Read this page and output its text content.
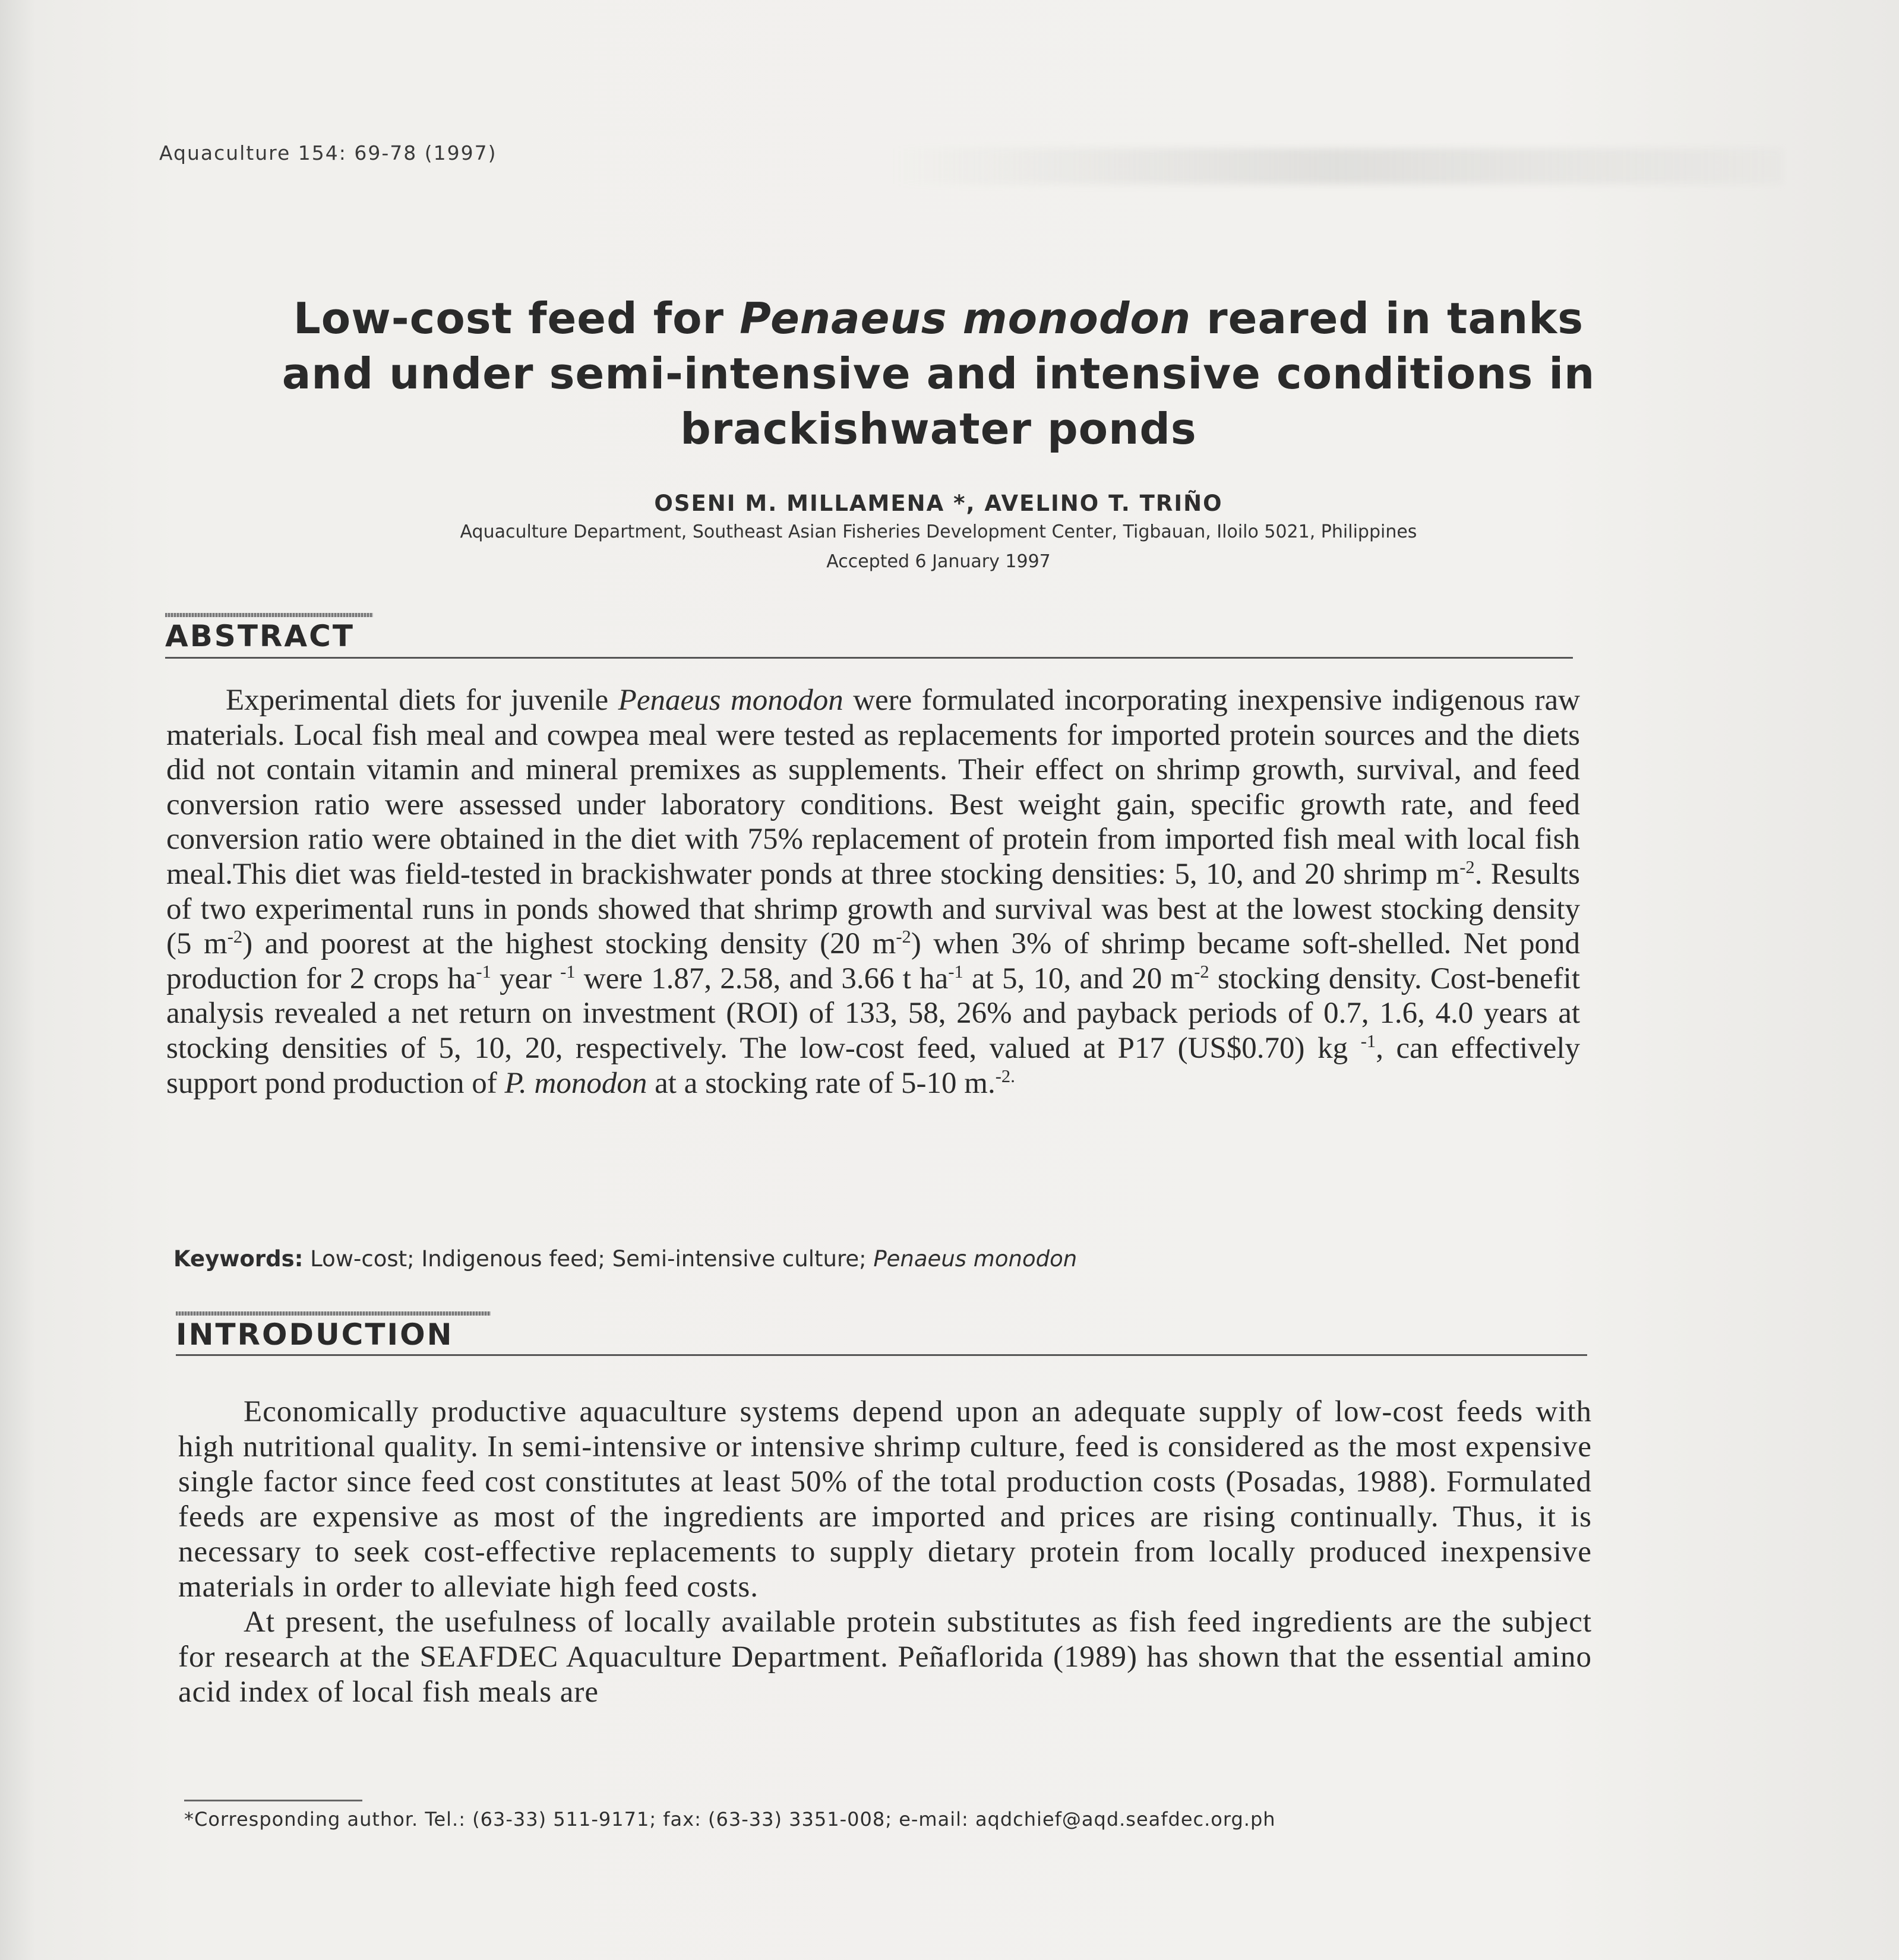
Aquaculture 154: 69-78 (1997)
Low-cost feed for Penaeus monodon reared in tanks
and under semi-intensive and intensive conditions in
brackishwater ponds
OSENI M. MILLAMENA *, AVELINO T. TRIÑO
Aquaculture Department, Southeast Asian Fisheries Development Center, Tigbauan, Iloilo 5021, Philippines
Accepted 6 January 1997
ABSTRACT

Experimental diets for juvenile Penaeus monodon were formulated incorporating inexpensive indigenous raw materials. Local fish meal and cowpea meal were tested as replacements for imported protein sources and the diets did not contain vitamin and mineral premixes as supplements. Their effect on shrimp growth, survival, and feed conversion ratio were assessed under laboratory conditions. Best weight gain, specific growth rate, and feed conversion ratio were obtained in the diet with 75% replacement of protein from imported fish meal with local fish meal.This diet was field-tested in brackishwater ponds at three stocking densities: 5, 10, and 20 shrimp $m^{-2}$. Results of two experimental runs in ponds showed that shrimp growth and survival was best at the lowest stocking density (5 $m^{-2}$) and poorest at the highest stocking density (20 $m^{-2}$) when 3% of shrimp became soft-shelled. Net pond production for 2 crops $ha^{-1}$ year $^{-1}$ were 1.87, 2.58, and 3.66 t $ha^{-1}$ at 5, 10, and 20 $m^{-2}$ stocking density. Cost-benefit analysis revealed a net return on investment (ROI) of 133, 58, 26% and payback periods of 0.7, 1.6, 4.0 years at stocking densities of 5, 10, 20, respectively. The low-cost feed, valued at P17 (US$0.70) kg $^{-1}$, can effectively support pond production of P. monodon at a stocking rate of 5-10 m.$^{-2.}$

Keywords: Low-cost; Indigenous feed; Semi-intensive culture; Penaeus monodon
INTRODUCTION

Economically productive aquaculture systems depend upon an adequate supply of low-cost feeds with high nutritional quality. In semi-intensive or intensive shrimp culture, feed is considered as the most expensive single factor since feed cost constitutes at least 50% of the total production costs (Posadas, 1988). Formulated feeds are expensive as most of the ingredients are imported and prices are rising continually. Thus, it is necessary to seek cost-effective replacements to supply dietary protein from locally produced inexpensive materials in order to alleviate high feed costs.

At present, the usefulness of locally available protein substitutes as fish feed ingredients are the subject for research at the SEAFDEC Aquaculture Department. Peñaflorida (1989) has shown that the essential amino acid index of local fish meals are

*Corresponding author. Tel.: (63-33) 511-9171; fax: (63-33) 3351-008; e-mail: aqdchief@aqd.seafdec.org.ph
